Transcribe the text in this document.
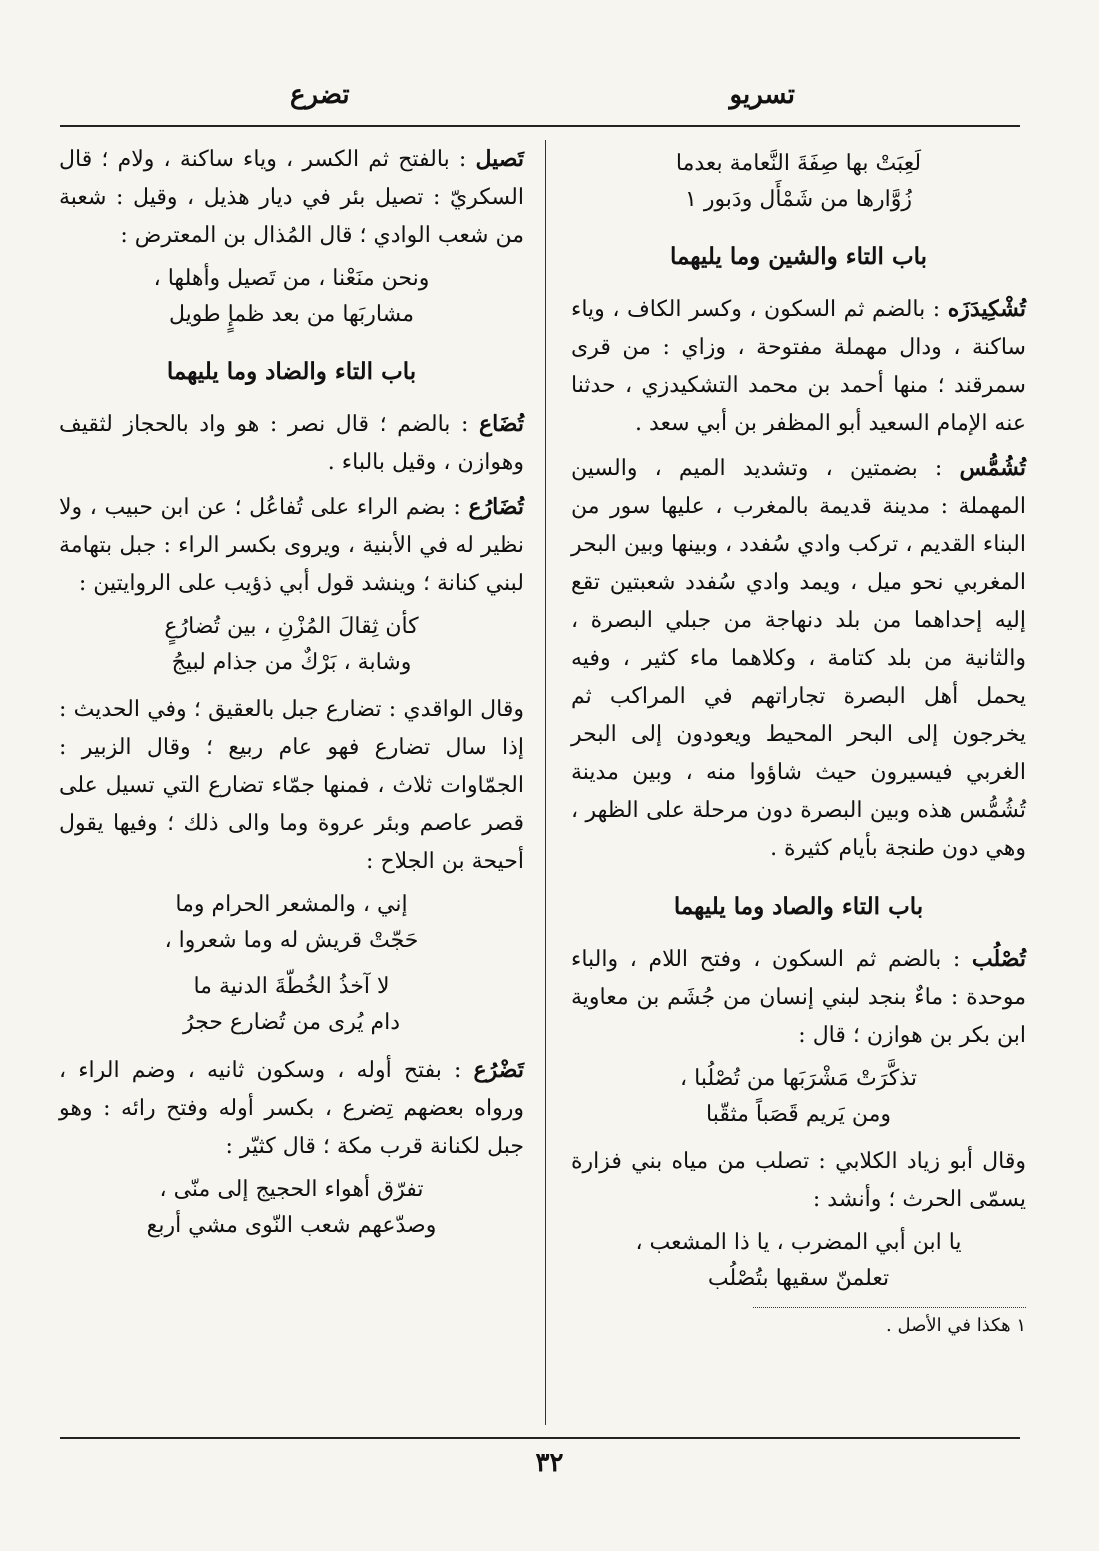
تسريو
تضرع
لَعِبَتْ بها صِفَةَ النَّعامة بعدما
زُوَّارها من شَمْأَل ودَبور ١
باب التاء والشين وما يليهما

تُشْكِيدَزَه : بالضم ثم السكون ، وكسر الكاف ، وياء ساكنة ، ودال مهملة مفتوحة ، وزاي : من قرى سمرقند ؛ منها أحمد بن محمد التشكيدزي ، حدثنا عنه الإمام السعيد أبو المظفر بن أبي سعد .

تُشُمُّس : بضمتين ، وتشديد الميم ، والسين المهملة : مدينة قديمة بالمغرب ، عليها سور من البناء القديم ، تركب وادي سُفدد ، وبينها وبين البحر المغربي نحو ميل ، ويمد وادي سُفدد شعبتين تقع إليه إحداهما من بلد دنهاجة من جبلي البصرة ، والثانية من بلد كتامة ، وكلاهما ماء كثير ، وفيه يحمل أهل البصرة تجاراتهم في المراكب ثم يخرجون إلى البحر المحيط ويعودون إلى البحر الغربي فيسيرون حيث شاؤوا منه ، وبين مدينة تُشُمُّس هذه وبين البصرة دون مرحلة على الظهر ، وهي دون طنجة بأيام كثيرة .

باب التاء والصاد وما يليهما

تُصْلُب : بالضم ثم السكون ، وفتح اللام ، والباء موحدة : ماءٌ بنجد لبني إنسان من جُشَم بن معاوية ابن بكر بن هوازن ؛ قال :

تذكَّرَتْ مَشْرَبَها من تُصْلُبا ،
ومن يَريم قَصَباً مثقّبا

وقال أبو زياد الكلابي : تصلب من مياه بني فزارة يسمّى الحرث ؛ وأنشد :

يا ابن أبي المضرب ، يا ذا المشعب ،
تعلمنّ سقيها بتُصْلُب
١ هكذا في الأصل .

تَصيل : بالفتح ثم الكسر ، وياء ساكنة ، ولام ؛ قال السكريّ : تصيل بئر في ديار هذيل ، وقيل : شعبة من شعب الوادي ؛ قال المُذال بن المعترض :

ونحن منَعْنا ، من تَصيل وأهلها ،
مشاربَها من بعد ظمإٍ طويل
باب التاء والضاد وما يليهما

تُضَاع : بالضم ؛ قال نصر : هو واد بالحجاز لثقيف وهوازن ، وقيل بالباء .

تُضَارُع : بضم الراء على تُفاعُل ؛ عن ابن حبيب ، ولا نظير له في الأبنية ، ويروى بكسر الراء : جبل بتهامة لبني كنانة ؛ وينشد قول أبي ذؤيب على الروايتين :

كأن ثِقالَ المُزْنِ ، بين تُضارُعٍ
وشابة ، بَرْكٌ من جذام لبيجُ

وقال الواقدي : تضارع جبل بالعقيق ؛ وفي الحديث : إذا سال تضارع فهو عام ربيع ؛ وقال الزبير : الجمّاوات ثلاث ، فمنها جمّاء تضارع التي تسيل على قصر عاصم وبئر عروة وما والى ذلك ؛ وفيها يقول أحيحة بن الجلاح :

إني ، والمشعر الحرام وما
حَجّتْ قريش له وما شعروا ،
لا آخذُ الخُطّةَ الدنية ما
دام يُرى من تُضارع حجرُ

تَضْرُع : بفتح أوله ، وسكون ثانيه ، وضم الراء ، ورواه بعضهم تِضرع ، بكسر أوله وفتح رائه : وهو جبل لكنانة قرب مكة ؛ قال كثيّر :

تفرّق أهواء الحجيج إلى منّى ،
وصدّعهم شعب النّوى مشي أربع
٣٢
